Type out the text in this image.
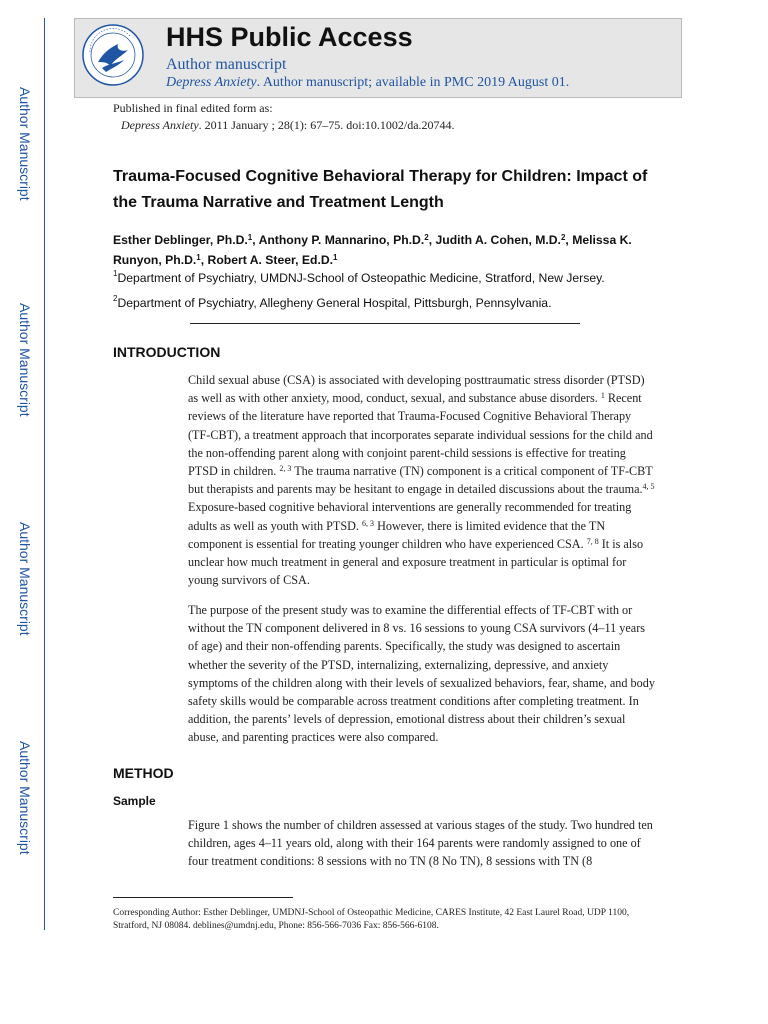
Author Manuscript
Author Manuscript
Author Manuscript
Author Manuscript
HHS Public Access
Author manuscript
Depress Anxiety. Author manuscript; available in PMC 2019 August 01.
Published in final edited form as:
Depress Anxiety. 2011 January ; 28(1): 67–75. doi:10.1002/da.20744.
Trauma-Focused Cognitive Behavioral Therapy for Children: Impact of the Trauma Narrative and Treatment Length
Esther Deblinger, Ph.D.$^1$, Anthony P. Mannarino, Ph.D.$^2$, Judith A. Cohen, M.D.$^2$, Melissa K. Runyon, Ph.D.$^1$, Robert A. Steer, Ed.D.$^1$
$^1$Department of Psychiatry, UMDNJ-School of Osteopathic Medicine, Stratford, New Jersey.
$^2$Department of Psychiatry, Allegheny General Hospital, Pittsburgh, Pennsylvania.
INTRODUCTION
Child sexual abuse (CSA) is associated with developing posttraumatic stress disorder (PTSD) as well as with other anxiety, mood, conduct, sexual, and substance abuse disorders. $^1$ Recent reviews of the literature have reported that Trauma-Focused Cognitive Behavioral Therapy (TF-CBT), a treatment approach that incorporates separate individual sessions for the child and the non-offending parent along with conjoint parent-child sessions is effective for treating PTSD in children. $^{2, 3}$ The trauma narrative (TN) component is a critical component of TF-CBT but therapists and parents may be hesitant to engage in detailed discussions about the trauma.$^{4, 5}$ Exposure-based cognitive behavioral interventions are generally recommended for treating adults as well as youth with PTSD. $^{6, 3}$ However, there is limited evidence that the TN component is essential for treating younger children who have experienced CSA. $^{7, 8}$ It is also unclear how much treatment in general and exposure treatment in particular is optimal for young survivors of CSA.
The purpose of the present study was to examine the differential effects of TF-CBT with or without the TN component delivered in 8 vs. 16 sessions to young CSA survivors (4–11 years of age) and their non-offending parents. Specifically, the study was designed to ascertain whether the severity of the PTSD, internalizing, externalizing, depressive, and anxiety symptoms of the children along with their levels of sexualized behaviors, fear, shame, and body safety skills would be comparable across treatment conditions after completing treatment. In addition, the parents’ levels of depression, emotional distress about their children’s sexual abuse, and parenting practices were also compared.
METHOD
Sample
Figure 1 shows the number of children assessed at various stages of the study. Two hundred ten children, ages 4–11 years old, along with their 164 parents were randomly assigned to one of four treatment conditions: 8 sessions with no TN (8 No TN), 8 sessions with TN (8
Corresponding Author: Esther Deblinger, UMDNJ-School of Osteopathic Medicine, CARES Institute, 42 East Laurel Road, UDP 1100, Stratford, NJ 08084. deblines@umdnj.edu, Phone: 856-566-7036 Fax: 856-566-6108.
